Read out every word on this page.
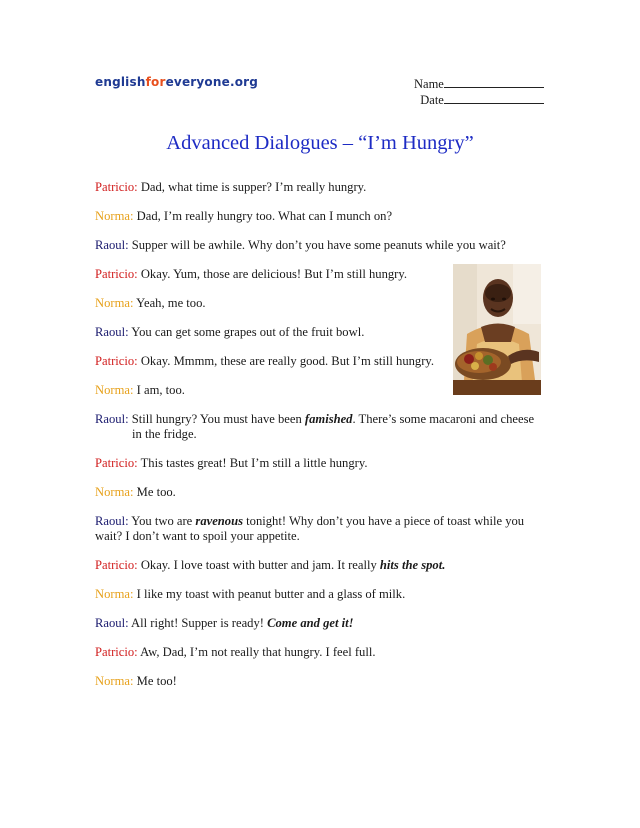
englishforeveryone.org	Name
Date
Advanced Dialogues – “I’m Hungry”

Patricio: Dad, what time is supper? I’m really hungry.

Norma: Dad, I’m really hungry too. What can I munch on?

Raoul: Supper will be awhile. Why don’t you have some peanuts while you wait?

Patricio: Okay. Yum, those are delicious! But I’m still hungry.

Norma: Yeah, me too.

Raoul: You can get some grapes out of the fruit bowl.

Patricio: Okay. Mmmm, these are really good. But I’m still hungry.

Norma: I am, too.

Raoul: Still hungry? You must have been famished. There’s some macaroni and cheese in the fridge.

Patricio: This tastes great! But I’m still a little hungry.

Norma: Me too.

Raoul: You two are ravenous tonight! Why don’t you have a piece of toast while you wait? I don’t want to spoil your appetite.

Patricio: Okay. I love toast with butter and jam. It really hits the spot.

Norma: I like my toast with peanut butter and a glass of milk.

Raoul: All right! Supper is ready! Come and get it!

Patricio: Aw, Dad, I’m not really that hungry. I feel full.

Norma: Me too!
